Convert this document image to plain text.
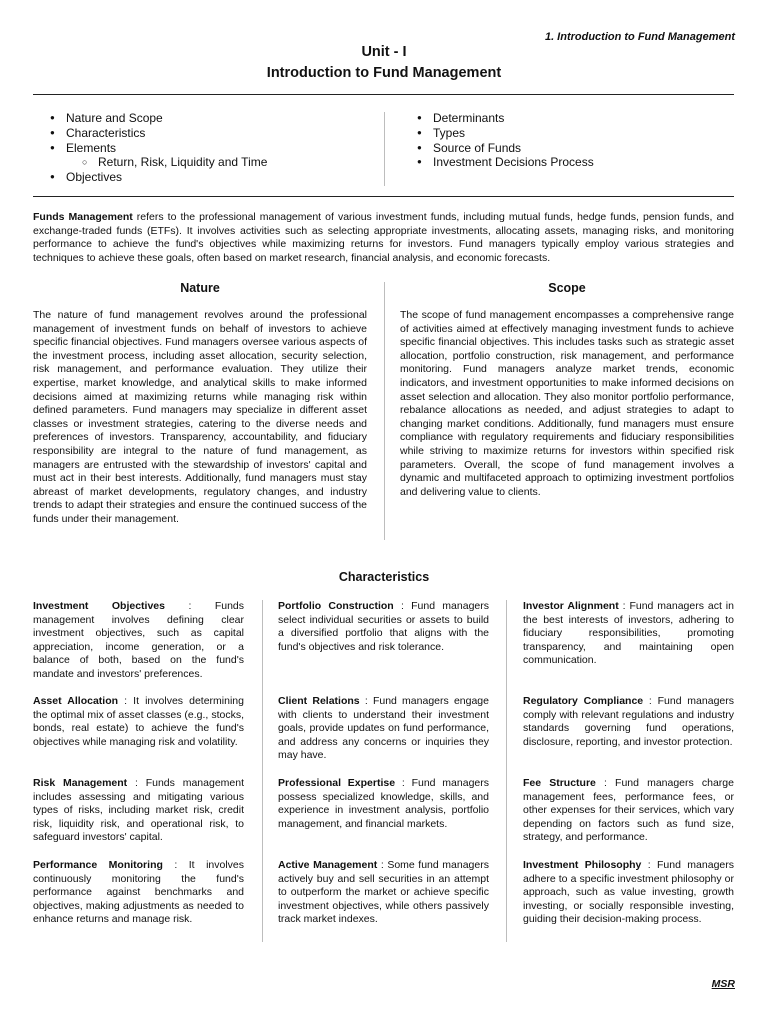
1. Introduction to Fund Management
Unit - I
Introduction to Fund Management
● Nature and Scope
● Characteristics
● Elements
○ Return, Risk, Liquidity and Time
● Objectives
● Determinants
● Types
● Source of Funds
● Investment Decisions Process

Funds Management refers to the professional management of various investment funds, including mutual funds, hedge funds, pension funds, and exchange-traded funds (ETFs). It involves activities such as selecting appropriate investments, allocating assets, managing risks, and monitoring performance to achieve the fund's objectives while maximizing returns for investors. Fund managers typically employ various strategies and techniques to achieve these goals, often based on market research, financial analysis, and economic forecasts.

Nature	Scope

The nature of fund management revolves around the professional management of investment funds on behalf of investors to achieve specific financial objectives. Fund managers oversee various aspects of the investment process, including asset allocation, security selection, risk management, and performance evaluation. They utilize their expertise, market knowledge, and analytical skills to make informed decisions aimed at maximizing returns while managing risk within defined parameters. Fund managers may specialize in different asset classes or investment strategies, catering to the diverse needs and preferences of investors. Transparency, accountability, and fiduciary responsibility are integral to the nature of fund management, as managers are entrusted with the stewardship of investors' capital and must act in their best interests. Additionally, fund managers must stay abreast of market developments, regulatory changes, and industry trends to adapt their strategies and ensure the continued success of the funds under their management.

The scope of fund management encompasses a comprehensive range of activities aimed at effectively managing investment funds to achieve specific financial objectives. This includes tasks such as strategic asset allocation, portfolio construction, risk management, and performance monitoring. Fund managers analyze market trends, economic indicators, and investment opportunities to make informed decisions on asset selection and allocation. They also monitor portfolio performance, rebalance allocations as needed, and adjust strategies to adapt to changing market conditions. Additionally, fund managers must ensure compliance with regulatory requirements and fiduciary responsibilities while striving to maximize returns for investors within specified risk parameters. Overall, the scope of fund management involves a dynamic and multifaceted approach to optimizing investment portfolios and delivering value to clients.

Characteristics

Investment Objectives : Funds management involves defining clear investment objectives, such as capital appreciation, income generation, or a balance of both, based on the fund's mandate and investors' preferences.

Asset Allocation : It involves determining the optimal mix of asset classes (e.g., stocks, bonds, real estate) to achieve the fund's objectives while managing risk and volatility.

Risk Management : Funds management includes assessing and mitigating various types of risks, including market risk, credit risk, liquidity risk, and operational risk, to safeguard investors' capital.

Performance Monitoring : It involves continuously monitoring the fund's performance against benchmarks and objectives, making adjustments as needed to enhance returns and manage risk.

Portfolio Construction : Fund managers select individual securities or assets to build a diversified portfolio that aligns with the fund's objectives and risk tolerance.

Client Relations : Fund managers engage with clients to understand their investment goals, provide updates on fund performance, and address any concerns or inquiries they may have.

Professional Expertise : Fund managers possess specialized knowledge, skills, and experience in investment analysis, portfolio management, and financial markets.

Active Management : Some fund managers actively buy and sell securities in an attempt to outperform the market or achieve specific investment objectives, while others passively track market indexes.

Investor Alignment : Fund managers act in the best interests of investors, adhering to fiduciary responsibilities, promoting transparency, and maintaining open communication.

Regulatory Compliance : Fund managers comply with relevant regulations and industry standards governing fund operations, disclosure, reporting, and investor protection.

Fee Structure : Fund managers charge management fees, performance fees, or other expenses for their services, which vary depending on factors such as fund size, strategy, and performance.

Investment Philosophy : Fund managers adhere to a specific investment philosophy or approach, such as value investing, growth investing, or socially responsible investing, guiding their decision-making process.

MSR
